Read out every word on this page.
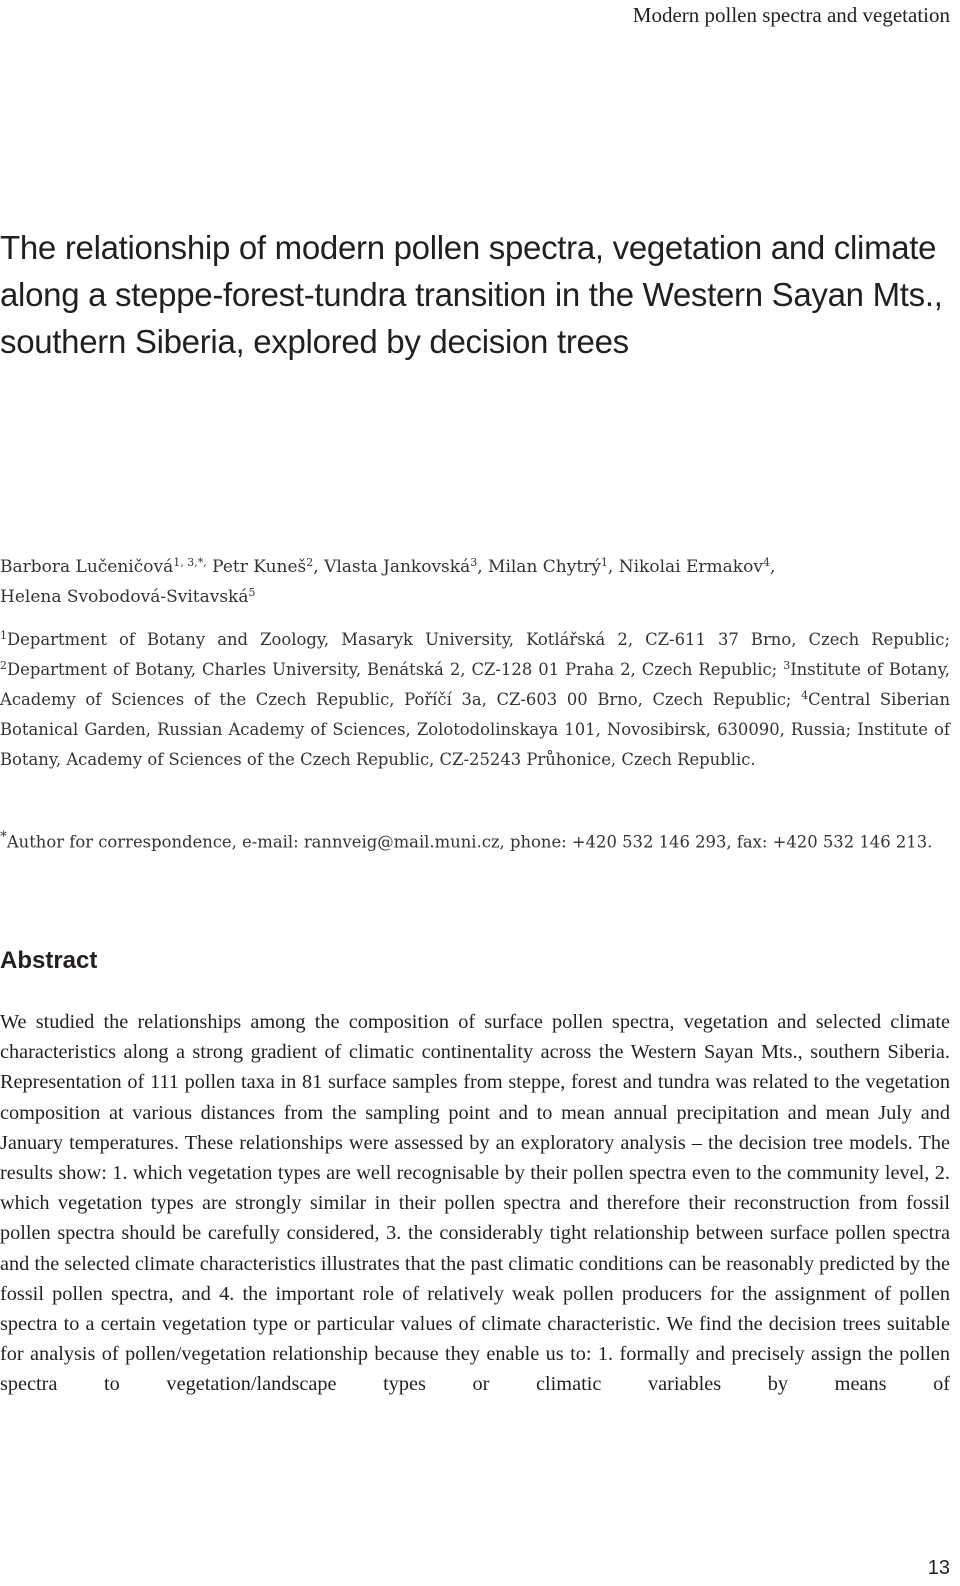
Modern pollen spectra and vegetation
The relationship of modern pollen spectra, vegetation and climate along a steppe-forest-tundra transition in the Western Sayan Mts., southern Siberia, explored by decision trees

Barbora Lučeničová$^{1, 3,*,}$ Petr Kuneš$^2$, Vlasta Jankovská$^3$, Milan Chytrý$^1$, Nikolai Ermakov$^4$,
Helena Svobodová-Svitavská$^5$

$^1$Department of Botany and Zoology, Masaryk University, Kotlářská 2, CZ-611 37 Brno, Czech Republic; $^2$Department of Botany, Charles University, Benátská 2, CZ-128 01 Praha 2, Czech Republic; $^3$Institute of Botany, Academy of Sciences of the Czech Republic, Poříčí 3a, CZ-603 00 Brno, Czech Republic; $^4$Central Siberian Botanical Garden, Russian Academy of Sciences, Zolotodolinskaya 101, Novosibirsk, 630090, Russia; Institute of Botany, Academy of Sciences of the Czech Republic, CZ-25243 Průhonice, Czech Republic.

*Author for correspondence, e-mail: rannveig@mail.muni.cz, phone: +420 532 146 293, fax: +420 532 146 213.

Abstract

We studied the relationships among the composition of surface pollen spectra, vegetation and selected climate characteristics along a strong gradient of climatic continentality across the Western Sayan Mts., southern Siberia. Representation of 111 pollen taxa in 81 surface samples from steppe, forest and tundra was related to the vegetation composition at various distances from the sampling point and to mean annual precipitation and mean July and January temperatures. These relationships were assessed by an exploratory analysis – the decision tree models. The results show: 1. which vegetation types are well recognisable by their pollen spectra even to the community level, 2. which vegetation types are strongly similar in their pollen spectra and therefore their reconstruction from fossil pollen spectra should be carefully considered, 3. the considerably tight relationship between surface pollen spectra and the selected climate characteristics illustrates that the past climatic conditions can be reasonably predicted by the fossil pollen spectra, and 4. the important role of relatively weak pollen producers for the assignment of pollen spectra to a certain vegetation type or particular values of climate characteristic. We find the decision trees suitable for analysis of pollen/vegetation relationship because they enable us to: 1. formally and precisely assign the pollen spectra to vegetation/landscape types or climatic variables by means of

13
